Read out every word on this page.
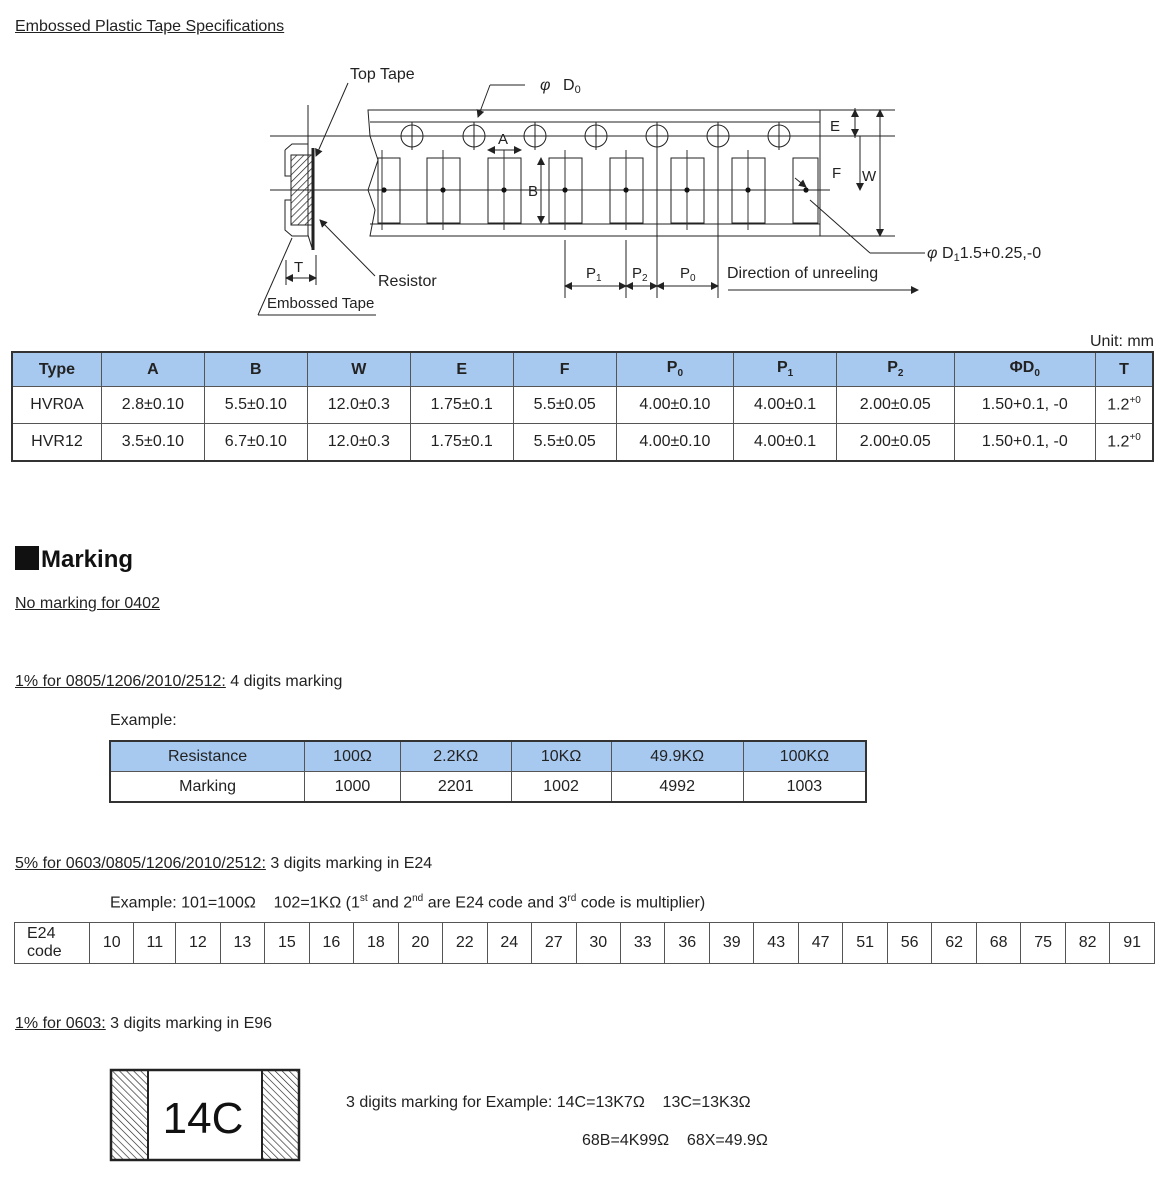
Embossed Plastic Tape Specifications
Top Tape
φ D0
Resistor
Embossed Tape
T
A
B
E
F W
φ D11.5+0.25,-0
$P_1$ $P_2$ $P_0$ Direction of unreeling
Unit: mm
Type	A	B	W	E	F	$P_0$	$P_1$	$P_2$	$\Phi D_0$	T
HVR0A	2.8±0.10	5.5±0.10	12.0±0.3	1.75±0.1	5.5±0.05	4.00±0.10	4.00±0.1	2.00±0.05	1.50+0.1, -0	$1.2^{+0}$
HVR12	3.5±0.10	6.7±0.10	12.0±0.3	1.75±0.1	5.5±0.05	4.00±0.10	4.00±0.1	2.00±0.05	1.50+0.1, -0	$1.2^{+0}$
Marking
No marking for 0402
1% for 0805/1206/2010/2512: 4 digits marking
Example:
Resistance	100Ω	2.2KΩ	10KΩ	49.9KΩ	100KΩ
Marking	1000	2201	1002	4992	1003
5% for 0603/0805/1206/2010/2512: 3 digits marking in E24
Example: 101=100Ω    102=1KΩ (1st and 2nd are E24 code and 3rd code is multiplier)
E24
code	10	11	12	13	15	16	18	20	22	24	27	30	33	36	39	43	47	51	56	62	68	75	82	91
1% for 0603: 3 digits marking in E96
14C	3 digits marking for Example: 14C=13K7Ω    13C=13K3Ω
68B=4K99Ω    68X=49.9Ω
